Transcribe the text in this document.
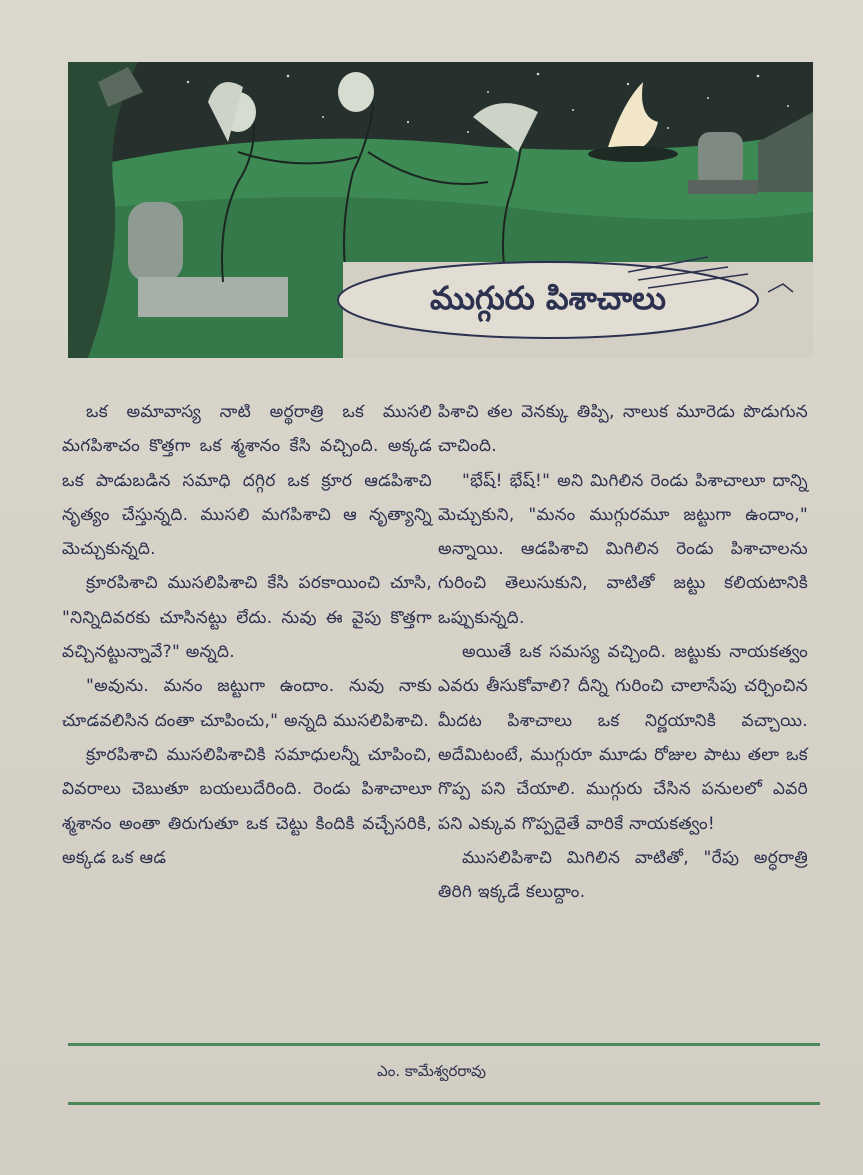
ముగ్గురు పిశాచాలు

ఒక అమావాస్య నాటి అర్థరాత్రి ఒక ముసలి మగపిశాచం కొత్తగా ఒక శ్మశానం కేసి వచ్చింది. అక్కడ ఒక పాడుబడిన సమాధి దగ్గిర ఒక క్రూర ఆడపిశాచి నృత్యం చేస్తున్నది. ముసలి మగపిశాచి ఆ నృత్యాన్ని మెచ్చుకున్నది.

క్రూరపిశాచి ముసలిపిశాచి కేసి పరకాయించి చూసి, "నిన్నిదివరకు చూసినట్టు లేదు. నువు ఈ వైపు కొత్తగా వచ్చినట్టున్నావే?" అన్నది.

"అవును. మనం జట్టుగా ఉందాం. నువు నాకు చూడవలిసిన దంతా చూపించు," అన్నది ముసలిపిశాచి.

క్రూరపిశాచి ముసలిపిశాచికి సమాధులన్నీ చూపించి, వివరాలు చెబుతూ బయలుదేరింది. రెండు పిశాచాలూ శ్మశానం అంతా తిరుగుతూ ఒక చెట్టు కిందికి వచ్చేసరికి, అక్కడ ఒక ఆడ

పిశాచి తల వెనక్కు తిప్పి, నాలుక మూరెడు పొడుగున చాచింది.

"భేష్! భేష్!" అని మిగిలిన రెండు పిశాచాలూ దాన్ని మెచ్చుకుని, "మనం ముగ్గురమూ జట్టుగా ఉందాం," అన్నాయి. ఆడపిశాచి మిగిలిన రెండు పిశాచాలను గురించి తెలుసుకుని, వాటితో జట్టు కలియటానికి ఒప్పుకున్నది.

అయితే ఒక సమస్య వచ్చింది. జట్టుకు నాయకత్వం ఎవరు తీసుకోవాలి? దీన్ని గురించి చాలాసేపు చర్చించిన మీదట పిశాచాలు ఒక నిర్ణయానికి వచ్చాయి. అదేమిటంటే, ముగ్గురూ మూడు రోజుల పాటు తలా ఒక గొప్ప పని చేయాలి. ముగ్గురు చేసిన పనులలో ఎవరి పని ఎక్కువ గొప్పదైతే వారికే నాయకత్వం!

ముసలిపిశాచి మిగిలిన వాటితో, "రేపు అర్ధరాత్రి తిరిగి ఇక్కడే కలుద్దాం.

ఎం. కామేశ్వరరావు
